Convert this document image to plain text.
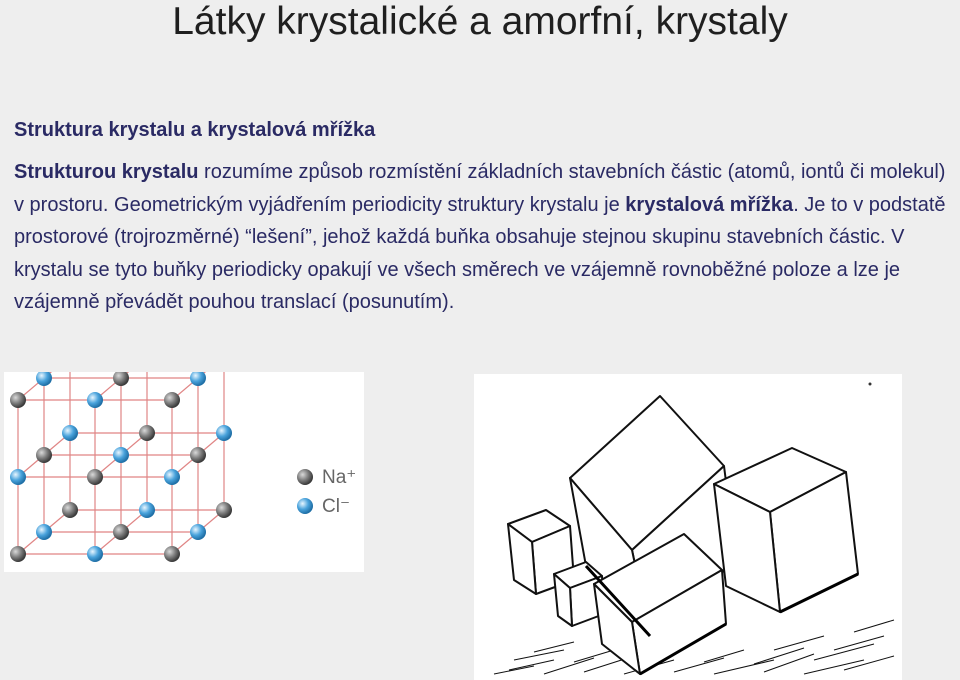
Látky krystalické a amorfní, krystaly
Struktura krystalu a krystalová mřížka
Strukturou krystalu rozumíme způsob rozmístění základních stavebních částic (atomů, iontů či molekul) v prostoru. Geometrickým vyjádřením periodicity struktury krystalu je krystalová mřížka. Je to v podstatě prostorové (trojrozměrné) “lešení”, jehož každá buňka obsahuje stejnou skupinu stavebních částic. V krystalu se tyto buňky periodicky opakují ve všech směrech ve vzájemně rovnoběžné poloze a lze je vzájemně převádět pouhou translací (posunutím).
Na⁺
Cl⁻
